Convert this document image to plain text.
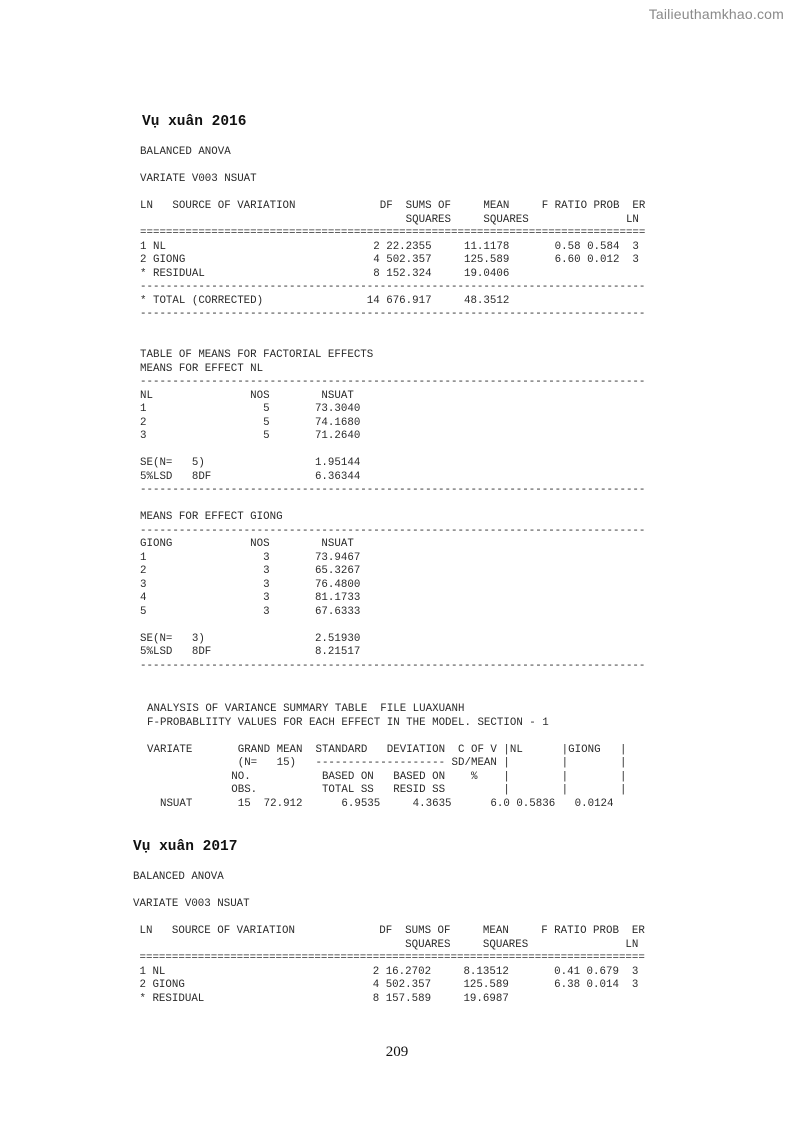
Tailieuthamkhao.com
Vụ xuân 2016
BALANCED ANOVA

VARIATE V003 NSUAT

LN   SOURCE OF VARIATION             DF  SUMS OF     MEAN     F RATIO PROB  ER
SQUARES     SQUARES               LN
==============================================================================
1 NL                                2 22.2355     11.1178       0.58 0.584  3
2 GIONG                             4 502.357     125.589       6.60 0.012  3
* RESIDUAL                          8 152.324     19.0406
------------------------------------------------------------------------------
* TOTAL (CORRECTED)                14 676.917     48.3512
------------------------------------------------------------------------------
TABLE OF MEANS FOR FACTORIAL EFFECTS
MEANS FOR EFFECT NL
------------------------------------------------------------------------------
NL               NOS        NSUAT
1                  5       73.3040
2                  5       74.1680
3                  5       71.2640

SE(N=   5)                 1.95144
5%LSD   8DF                6.36344
------------------------------------------------------------------------------

MEANS FOR EFFECT GIONG
------------------------------------------------------------------------------
GIONG            NOS        NSUAT
1                  3       73.9467
2                  3       65.3267
3                  3       76.4800
4                  3       81.1733
5                  3       67.6333

SE(N=   3)                 2.51930
5%LSD   8DF                8.21517
------------------------------------------------------------------------------
ANALYSIS OF VARIANCE SUMMARY TABLE  FILE LUAXUANH
F-PROBABLIITY VALUES FOR EACH EFFECT IN THE MODEL. SECTION - 1

VARIATE       GRAND MEAN  STANDARD   DEVIATION  C OF V |NL      |GIONG   |
(N=   15)   -------------------- SD/MEAN |        |        |
NO.           BASED ON   BASED ON    %    |        |        |
OBS.          TOTAL SS   RESID SS         |        |        |
NSUAT       15  72.912      6.9535     4.3635      6.0 0.5836   0.0124
Vụ xuân 2017
BALANCED ANOVA

VARIATE V003 NSUAT

LN   SOURCE OF VARIATION             DF  SUMS OF     MEAN     F RATIO PROB  ER
SQUARES     SQUARES               LN
==============================================================================
1 NL                                2 16.2702     8.13512       0.41 0.679  3
2 GIONG                             4 502.357     125.589       6.38 0.014  3
* RESIDUAL                          8 157.589     19.6987
209
